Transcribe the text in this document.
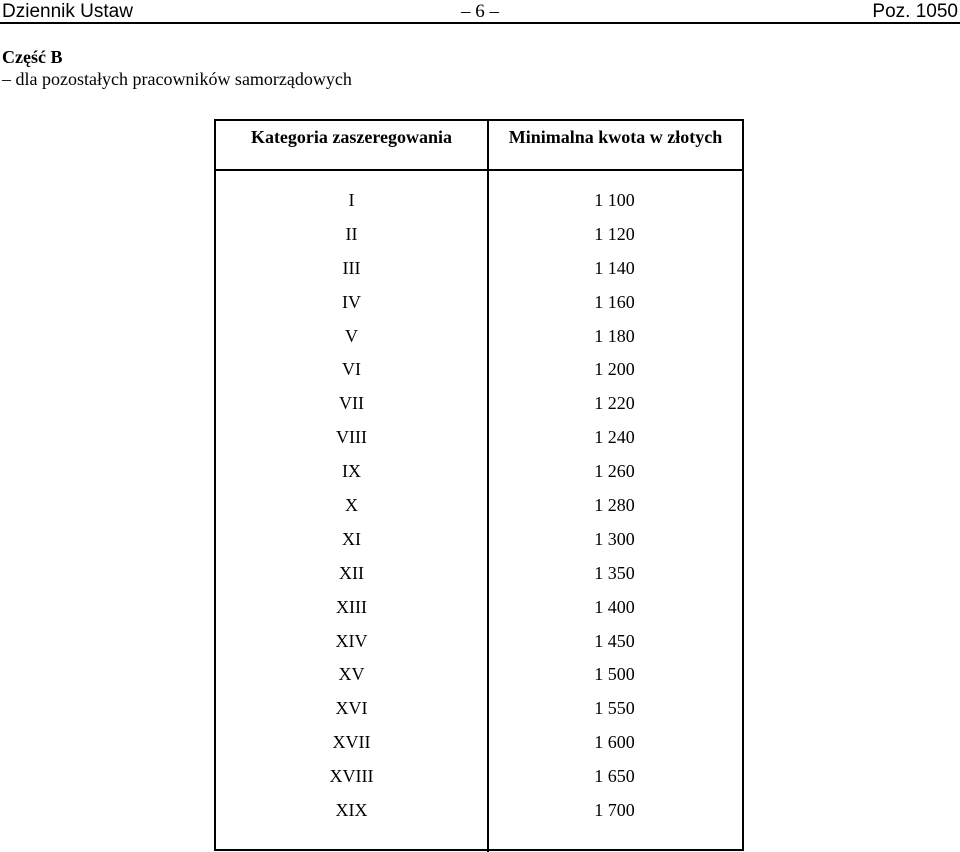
Dziennik Ustaw	– 6 –	Poz. 1050
Część B
– dla pozostałych pracowników samorządowych
Kategoria zaszeregowania	Minimalna kwota w złotych
I	1 100
II	1 120
III	1 140
IV	1 160
V	1 180
VI	1 200
VII	1 220
VIII	1 240
IX	1 260
X	1 280
XI	1 300
XII	1 350
XIII	1 400
XIV	1 450
XV	1 500
XVI	1 550
XVII	1 600
XVIII	1 650
XIX	1 700
